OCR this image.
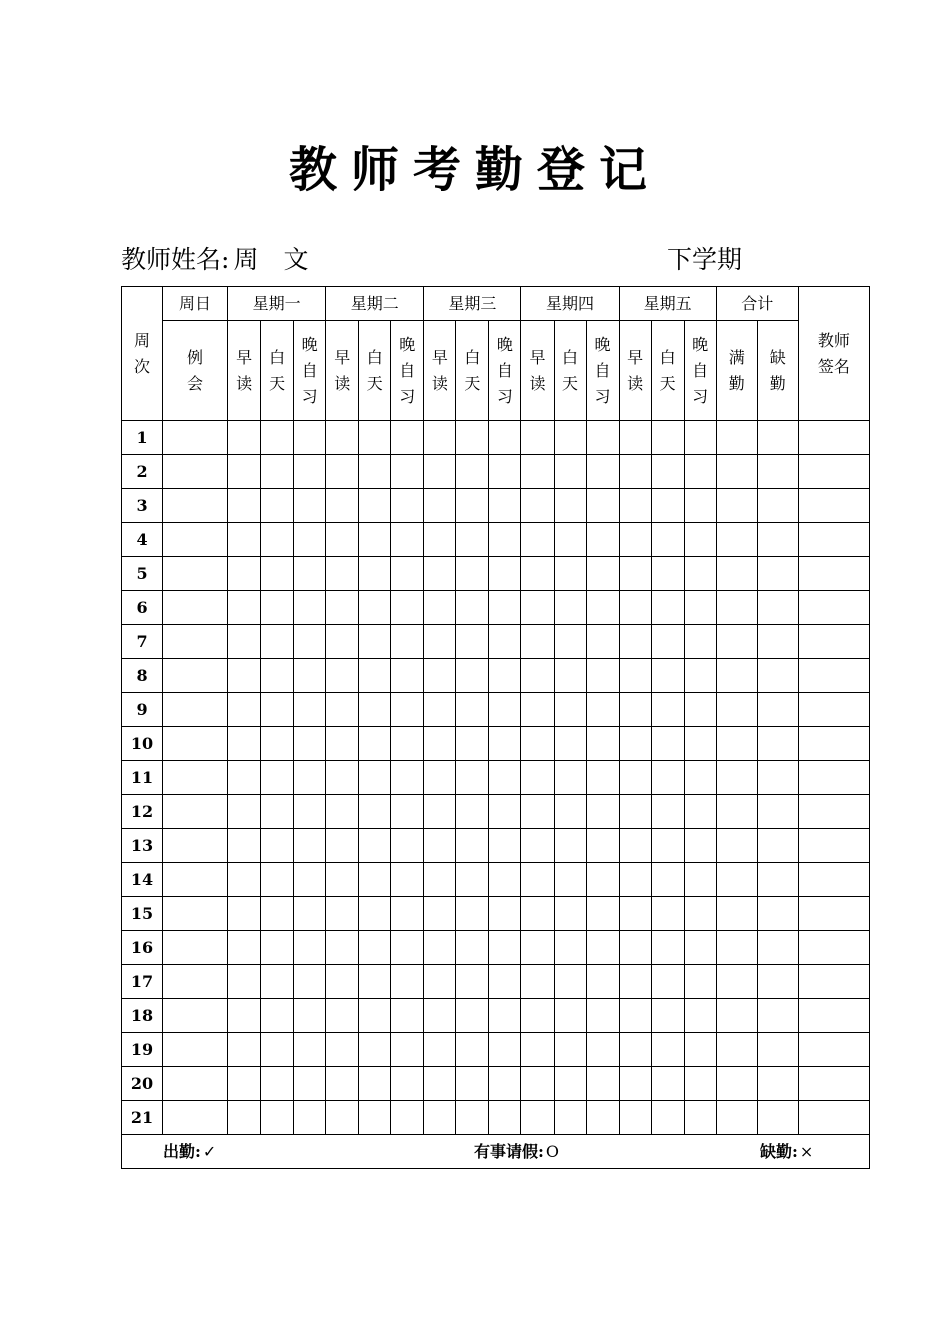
教师考勤登记
教师姓名: 周　文	下学期
周次	周日	星期一			星期二			星期三			星期四			星期五			合计		教师签名
	例会	早读	白天	晚自习	早读	白天	晚自习	早读	白天	晚自习	早读	白天	晚自习	早读	白天	晚自习	满勤	缺勤	
1																			
2																			
3																			
4																			
5																			
6																			
7																			
8																			
9																			
10																			
11																			
12																			
13																			
14																			
15																			
16																			
17																			
18																			
19																			
20																			
21																			

出勤: ✓ 有事请假: O 缺勤: ×																			
